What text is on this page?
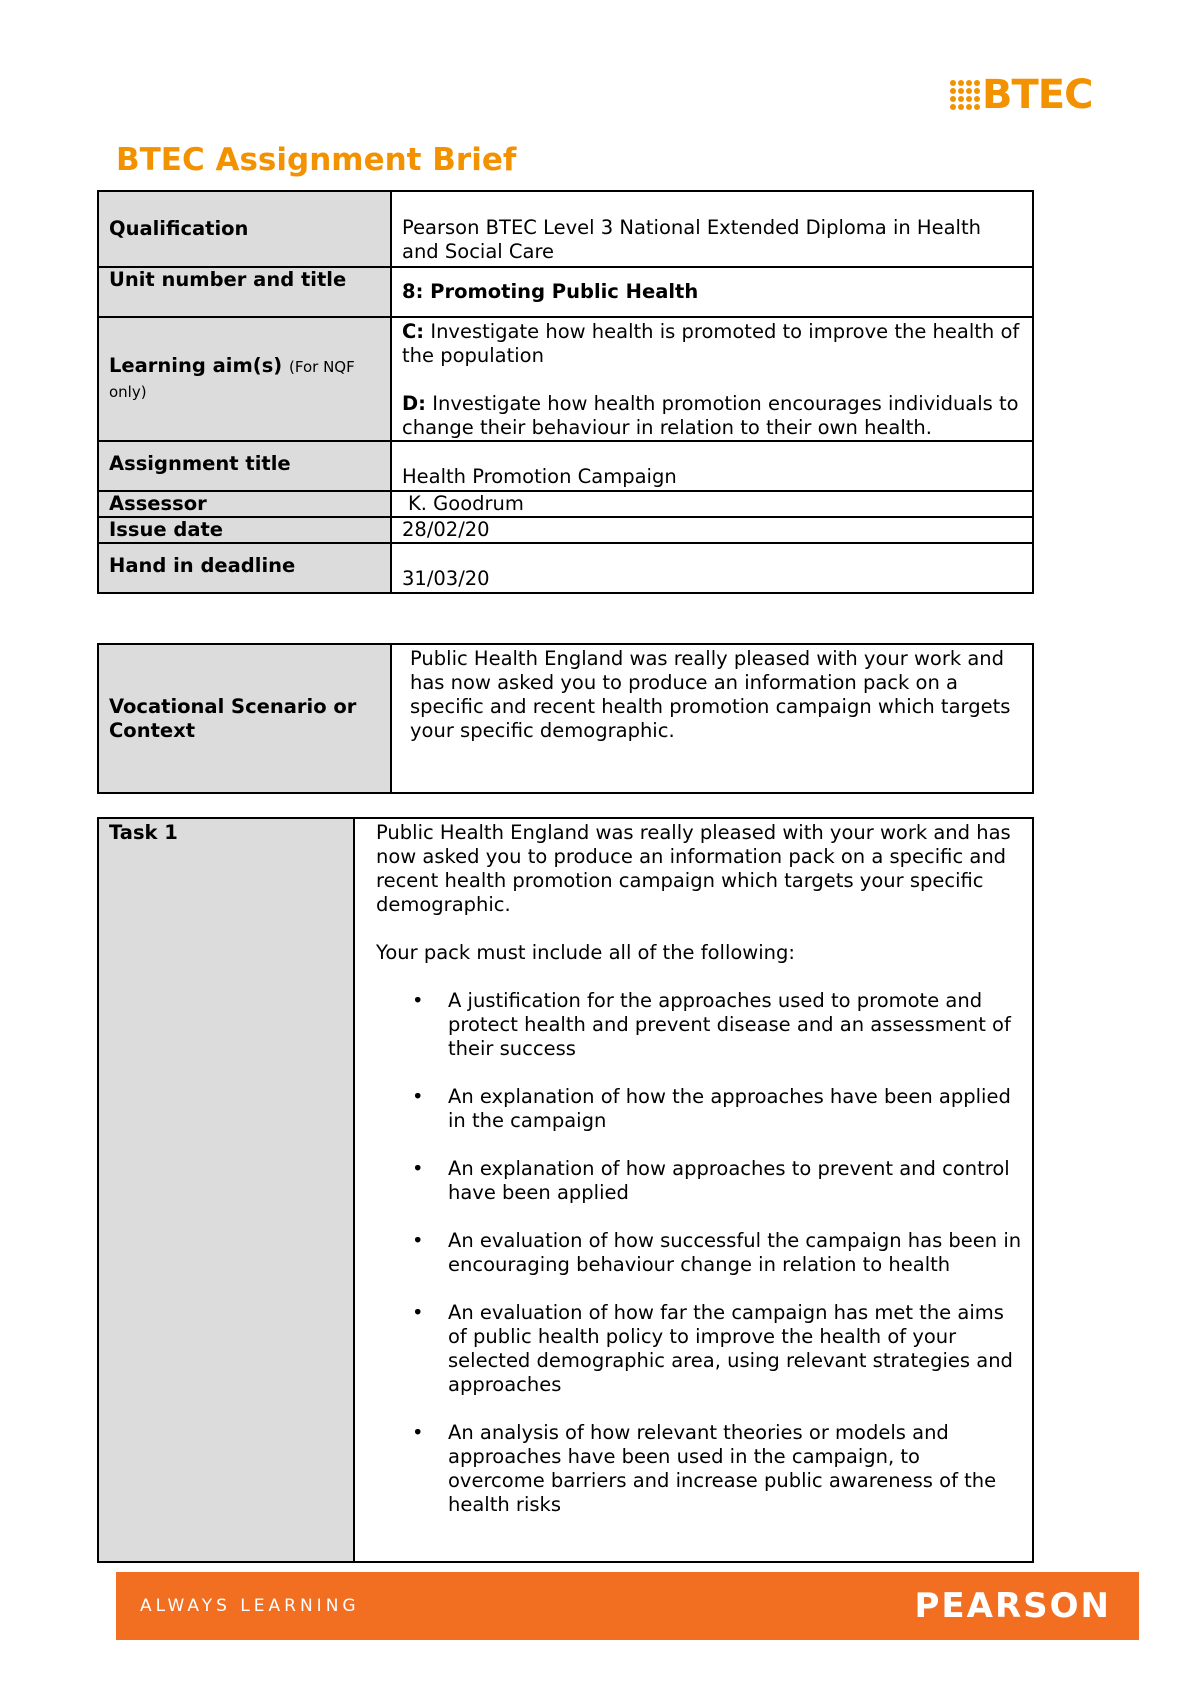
BTEC
BTEC Assignment Brief
Qualification	Pearson BTEC Level 3 National Extended Diploma in Health and Social Care
Unit number and title	8: Promoting Public Health
Learning aim(s) (For NQF only)	C: Investigate how health is promoted to improve the health of the population

D: Investigate how health promotion encourages individuals to change their behaviour in relation to their own health.

Assignment title	Health Promotion Campaign
Assessor	K. Goodrum
Issue date	28/02/20
Hand in deadline	31/03/20
Vocational Scenario or Context	Public Health England was really pleased with your work and has now asked you to produce an information pack on a specific and recent health promotion campaign which targets your specific demographic.
Task 1	Public Health England was really pleased with your work and has now asked you to produce an information pack on a specific and recent health promotion campaign which targets your specific demographic.

Your pack must include all of the following:

• A justification for the approaches used to promote and protect health and prevent disease and an assessment of their success
• An explanation of how the approaches have been applied in the campaign
• An explanation of how approaches to prevent and control have been applied
• An evaluation of how successful the campaign has been in encouraging behaviour change in relation to health
• An evaluation of how far the campaign has met the aims of public health policy to improve the health of your selected demographic area, using relevant strategies and approaches
• An analysis of how relevant theories or models and approaches have been used in the campaign, to overcome barriers and increase public awareness of the health risks
ALWAYS LEARNING	PEARSON
